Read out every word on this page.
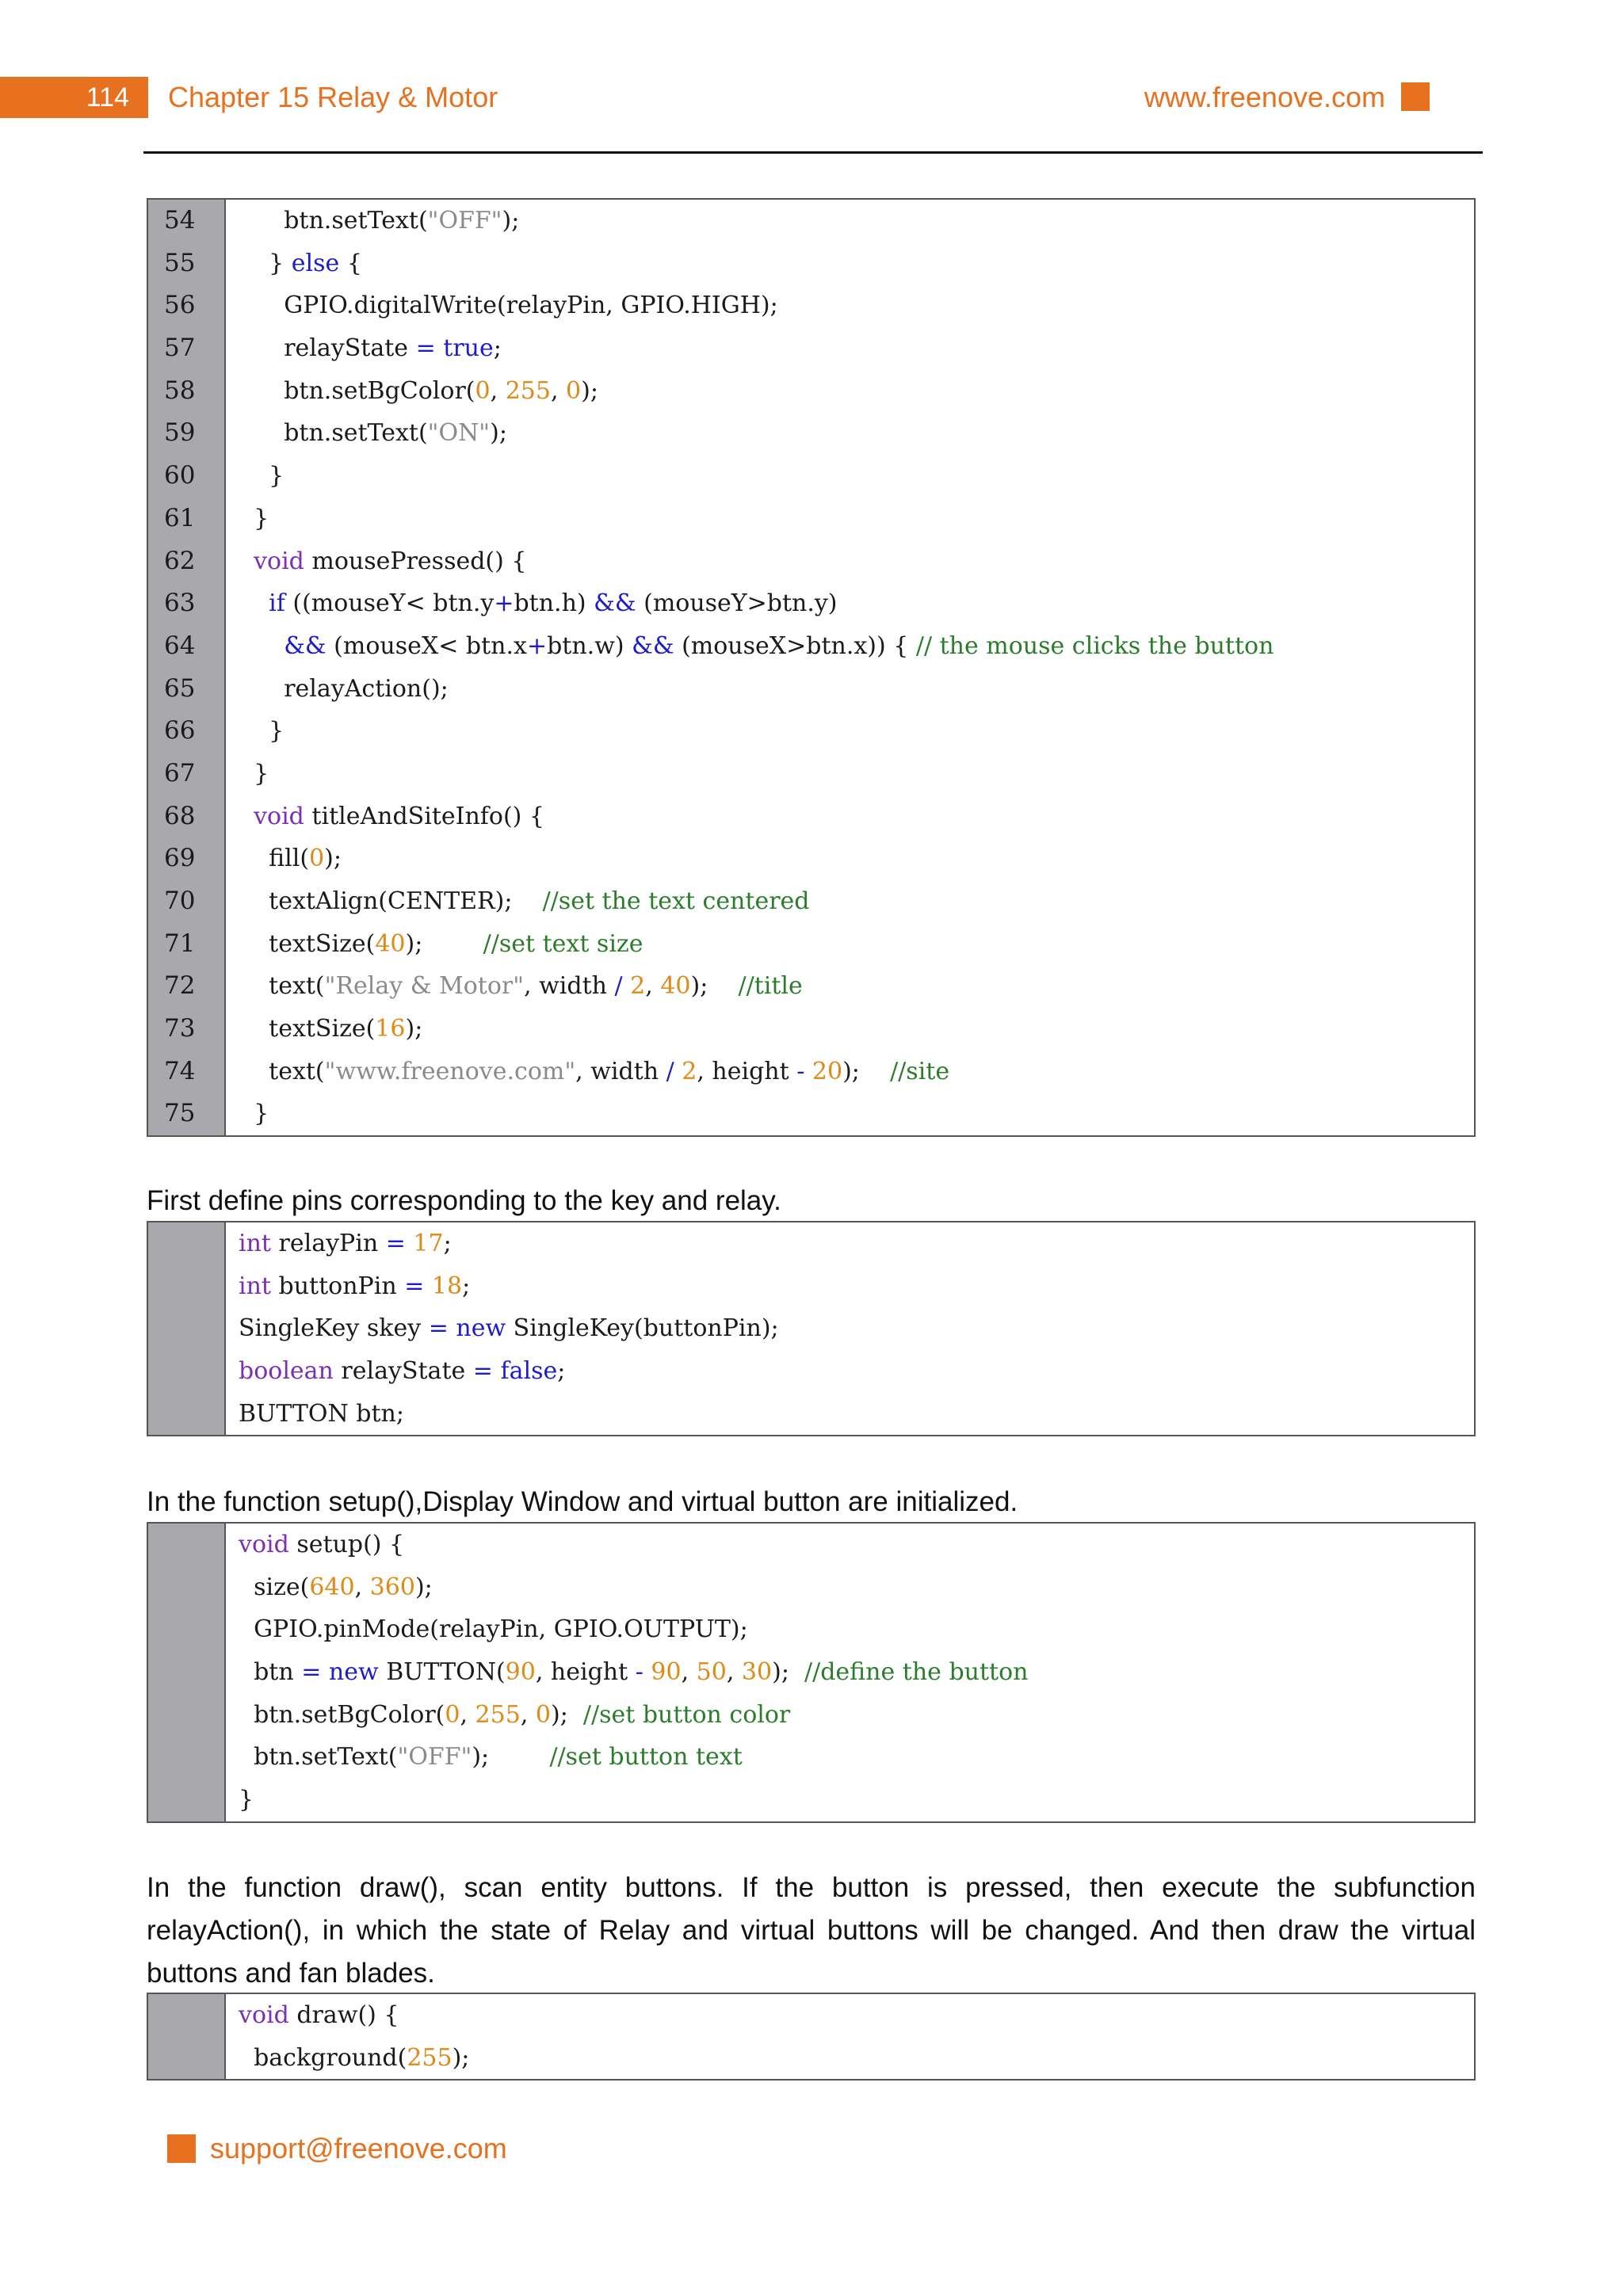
114	Chapter 15 Relay & Motor	www.freenove.com
54
55
56
57
58
59
60
61
62
63
64
65
66
67
68
69
70
71
72
73
74
75
btn.setText("OFF");
} else {
GPIO.digitalWrite(relayPin, GPIO.HIGH);
relayState = true;
btn.setBgColor(0, 255, 0);
btn.setText("ON");
}
}
void mousePressed() {
if ((mouseY< btn.y+btn.h) && (mouseY>btn.y)
&& (mouseX< btn.x+btn.w) && (mouseX>btn.x)) { // the mouse clicks the button
relayAction();
}
}
void titleAndSiteInfo() {
fill(0);
textAlign(CENTER);    //set the text centered
textSize(40);        //set text size
text("Relay & Motor", width / 2, 40);    //title
textSize(16);
text("www.freenove.com", width / 2, height - 20);    //site
}
First define pins corresponding to the key and relay.
int relayPin = 17;
int buttonPin = 18;
SingleKey skey = new SingleKey(buttonPin);
boolean relayState = false;
BUTTON btn;
In the function setup(),Display Window and virtual button are initialized.
void setup() {
size(640, 360);
GPIO.pinMode(relayPin, GPIO.OUTPUT);
btn = new BUTTON(90, height - 90, 50, 30);  //define the button
btn.setBgColor(0, 255, 0);  //set button color
btn.setText("OFF");        //set button text
}
In the function draw(), scan entity buttons. If the button is pressed, then execute the subfunction relayAction(), in which the state of Relay and virtual buttons will be changed. And then draw the virtual buttons and fan blades.
void draw() {
background(255);
support@freenove.com
